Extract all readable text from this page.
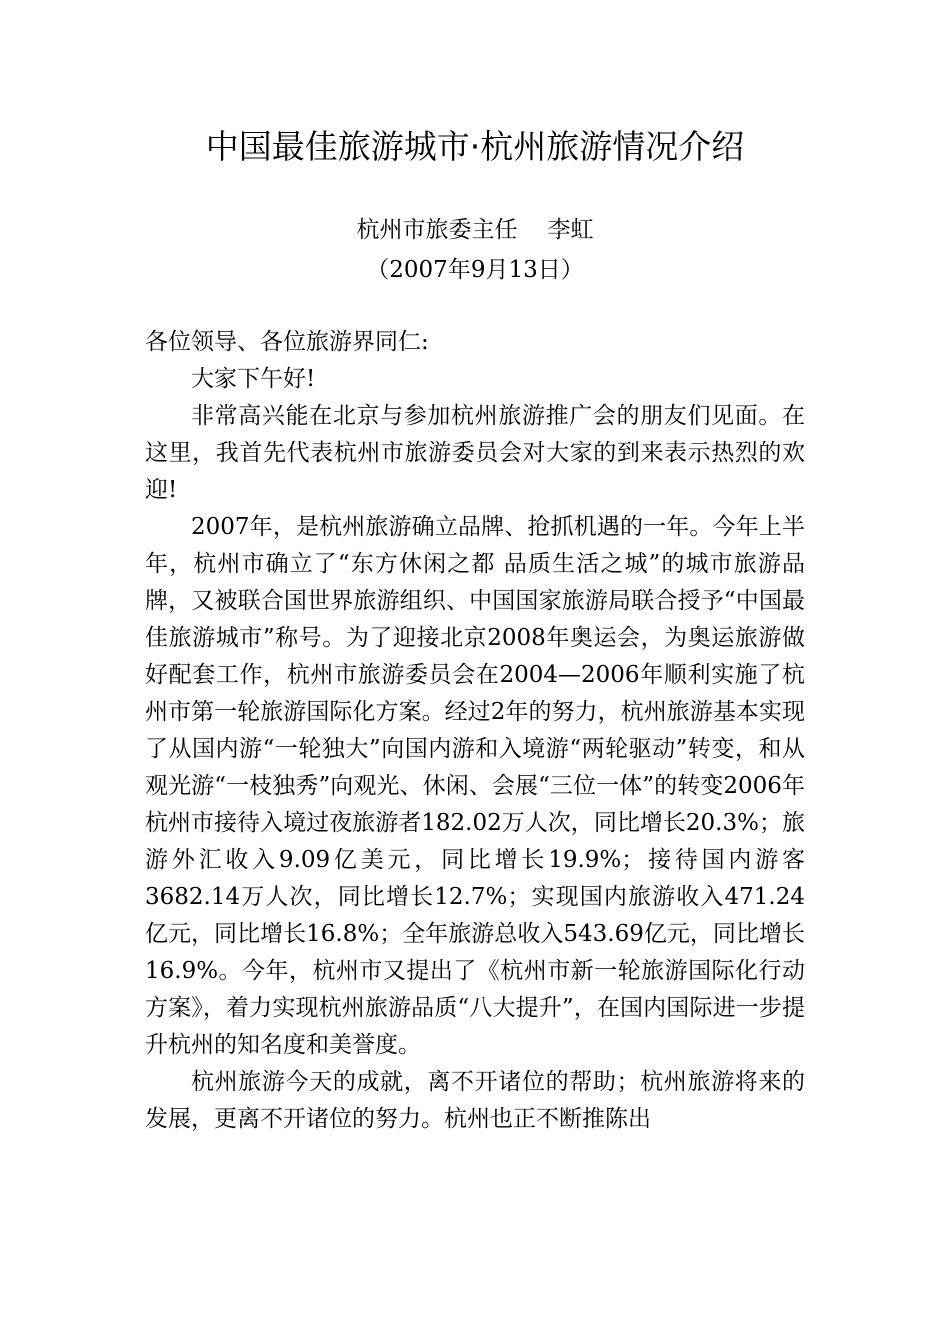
中国最佳旅游城市·杭州旅游情况介绍
杭州市旅委主任 李虹
（2007年9月13日）

各位领导、各位旅游界同仁:

大家下午好!

非常高兴能在北京与参加杭州旅游推广会的朋友们见面。在这里，我首先代表杭州市旅游委员会对大家的到来表示热烈的欢迎!

2007年，是杭州旅游确立品牌、抢抓机遇的一年。今年上半年，杭州市确立了“东方休闲之都 品质生活之城”的城市旅游品牌，又被联合国世界旅游组织、中国国家旅游局联合授予“中国最佳旅游城市”称号。为了迎接北京2008年奥运会，为奥运旅游做好配套工作，杭州市旅游委员会在2004—2006年顺利实施了杭州市第一轮旅游国际化方案。经过2年的努力，杭州旅游基本实现了从国内游“一轮独大”向国内游和入境游“两轮驱动”转变，和从观光游“一枝独秀”向观光、休闲、会展“三位一体”的转变2006年杭州市接待入境过夜旅游者182.02万人次，同比增长20.3%；旅游外汇收入9.09亿美元，同比增长19.9%；接待国内游客3682.14万人次，同比增长12.7%；实现国内旅游收入471.24亿元，同比增长16.8%；全年旅游总收入543.69亿元，同比增长16.9%。今年，杭州市又提出了《杭州市新一轮旅游国际化行动方案》，着力实现杭州旅游品质“八大提升”，在国内国际进一步提升杭州的知名度和美誉度。

杭州旅游今天的成就，离不开诸位的帮助；杭州旅游将来的发展，更离不开诸位的努力。杭州也正不断推陈出
